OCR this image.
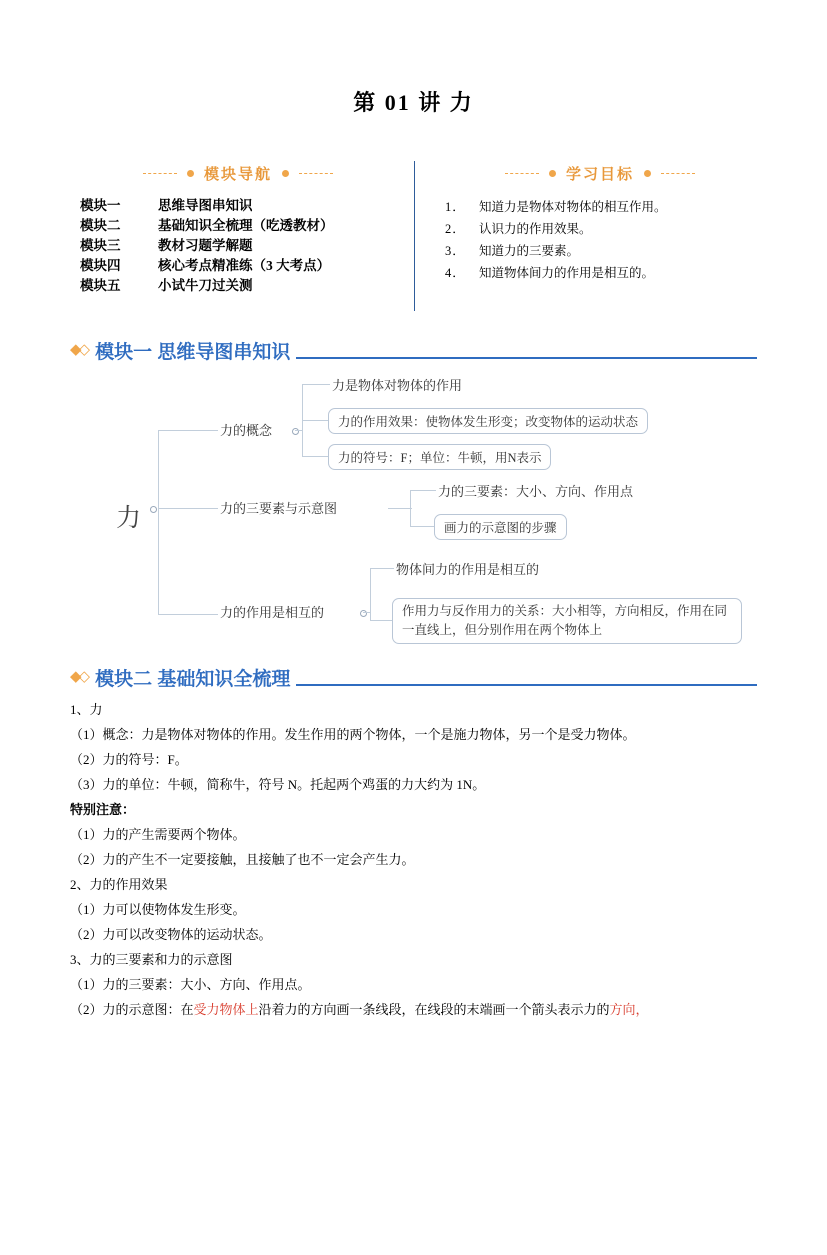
第 01 讲 力
模块导航
模块一	思维导图串知识
模块二	基础知识全梳理（吃透教材）
模块三	教材习题学解题
模块四	核心考点精准练（3 大考点）
模块五	小试牛刀过关测
学习目标
1．	知道力是物体对物体的相互作用。
2．	认识力的作用效果。
3．	知道力的三要素。
4．	知道物体间力的作用是相互的。
◆◇ 模块一 思维导图串知识
力
力的概念
力是物体对物体的作用
力的作用效果：使物体发生形变；改变物体的运动状态
力的符号：F；单位：牛顿，用N表示
力的三要素与示意图
力的三要素：大小、方向、作用点
画力的示意图的步骤
力的作用是相互的
物体间力的作用是相互的
作用力与反作用力的关系：大小相等，方向相反，作用在同一直线上，但分别作用在两个物体上
◆◇ 模块二 基础知识全梳理

1、力

（1）概念：力是物体对物体的作用。发生作用的两个物体，一个是施力物体，另一个是受力物体。

（2）力的符号：F。

（3）力的单位：牛顿，简称牛，符号 N。托起两个鸡蛋的力大约为 1N。

特别注意：

（1）力的产生需要两个物体。

（2）力的产生不一定要接触，且接触了也不一定会产生力。

2、力的作用效果

（1）力可以使物体发生形变。

（2）力可以改变物体的运动状态。

3、力的三要素和力的示意图

（1）力的三要素：大小、方向、作用点。

（2）力的示意图：在受力物体上沿着力的方向画一条线段，在线段的末端画一个箭头表示力的方向，
